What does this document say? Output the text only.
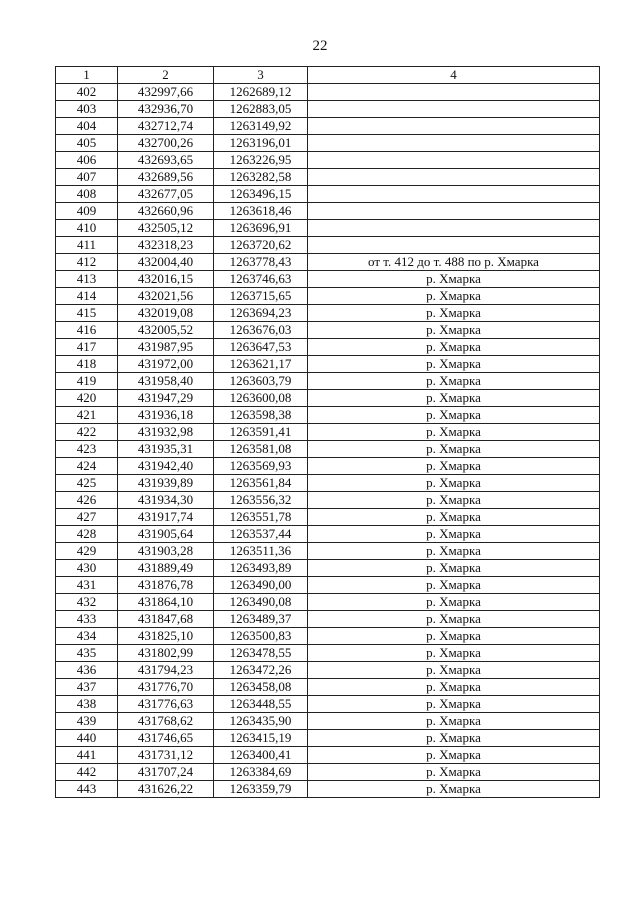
22
1	2	3	4
402	432997,66	1262689,12	
403	432936,70	1262883,05	
404	432712,74	1263149,92	
405	432700,26	1263196,01	
406	432693,65	1263226,95	
407	432689,56	1263282,58	
408	432677,05	1263496,15	
409	432660,96	1263618,46	
410	432505,12	1263696,91	
411	432318,23	1263720,62	
412	432004,40	1263778,43	от т. 412 до т. 488 по р. Хмарка
413	432016,15	1263746,63	р. Хмарка
414	432021,56	1263715,65	р. Хмарка
415	432019,08	1263694,23	р. Хмарка
416	432005,52	1263676,03	р. Хмарка
417	431987,95	1263647,53	р. Хмарка
418	431972,00	1263621,17	р. Хмарка
419	431958,40	1263603,79	р. Хмарка
420	431947,29	1263600,08	р. Хмарка
421	431936,18	1263598,38	р. Хмарка
422	431932,98	1263591,41	р. Хмарка
423	431935,31	1263581,08	р. Хмарка
424	431942,40	1263569,93	р. Хмарка
425	431939,89	1263561,84	р. Хмарка
426	431934,30	1263556,32	р. Хмарка
427	431917,74	1263551,78	р. Хмарка
428	431905,64	1263537,44	р. Хмарка
429	431903,28	1263511,36	р. Хмарка
430	431889,49	1263493,89	р. Хмарка
431	431876,78	1263490,00	р. Хмарка
432	431864,10	1263490,08	р. Хмарка
433	431847,68	1263489,37	р. Хмарка
434	431825,10	1263500,83	р. Хмарка
435	431802,99	1263478,55	р. Хмарка
436	431794,23	1263472,26	р. Хмарка
437	431776,70	1263458,08	р. Хмарка
438	431776,63	1263448,55	р. Хмарка
439	431768,62	1263435,90	р. Хмарка
440	431746,65	1263415,19	р. Хмарка
441	431731,12	1263400,41	р. Хмарка
442	431707,24	1263384,69	р. Хмарка
443	431626,22	1263359,79	р. Хмарка
